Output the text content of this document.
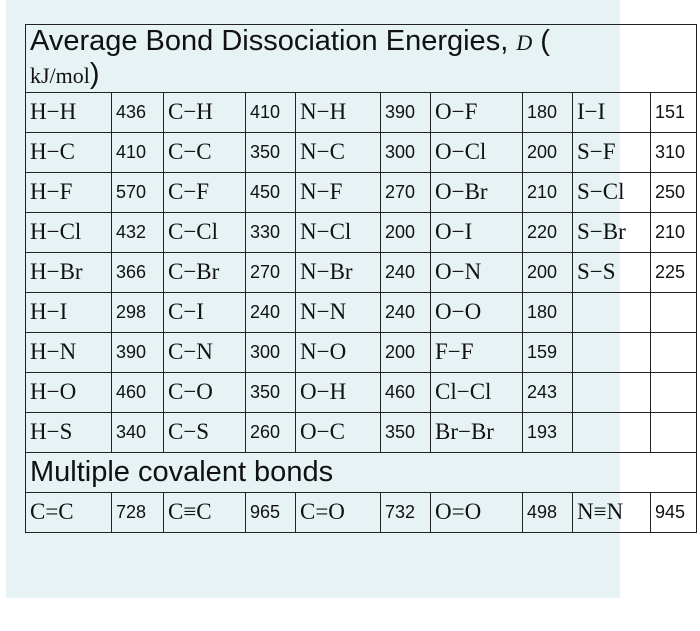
Average Bond Dissociation Energies, D (
kJ/mol)									
H−H	436	C−H	410	N−H	390	O−F	180	I−I	151
H−C	410	C−C	350	N−C	300	O−Cl	200	S−F	310
H−F	570	C−F	450	N−F	270	O−Br	210	S−Cl	250
H−Cl	432	C−Cl	330	N−Cl	200	O−I	220	S−Br	210
H−Br	366	C−Br	270	N−Br	240	O−N	200	S−S	225
H−I	298	C−I	240	N−N	240	O−O	180		
H−N	390	C−N	300	N−O	200	F−F	159		
H−O	460	C−O	350	O−H	460	Cl−Cl	243		
H−S	340	C−S	260	O−C	350	Br−Br	193		
Multiple covalent bonds									
C=C	728	C≡C	965	C=O	732	O=O	498	N≡N	945
